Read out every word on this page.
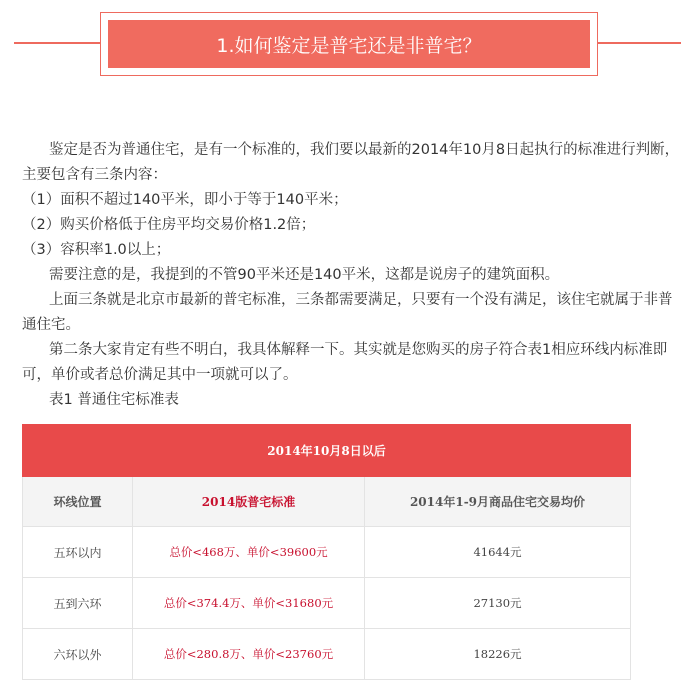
1.如何鉴定是普宅还是非普宅？

鉴定是否为普通住宅，是有一个标准的，我们要以最新的2014年10月8日起执行的标准进行判断，主要包含有三条内容：

（1）面积不超过140平米，即小于等于140平米；

（2）购买价格低于住房平均交易价格1.2倍；

（3）容积率1.0以上；

需要注意的是，我提到的不管90平米还是140平米，这都是说房子的建筑面积。

上面三条就是北京市最新的普宅标准，三条都需要满足，只要有一个没有满足，该住宅就属于非普通住宅。

第二条大家肯定有些不明白，我具体解释一下。其实就是您购买的房子符合表1相应环线内标准即可，单价或者总价满足其中一项就可以了。

表1 普通住宅标准表

2014年10月8日以后		
环线位置	2014版普宅标准	2014年1-9月商品住宅交易均价
五环以内	总价<468万、单价<39600元	41644元
五到六环	总价<374.4万、单价<31680元	27130元
六环以外	总价<280.8万、单价<23760元	18226元
